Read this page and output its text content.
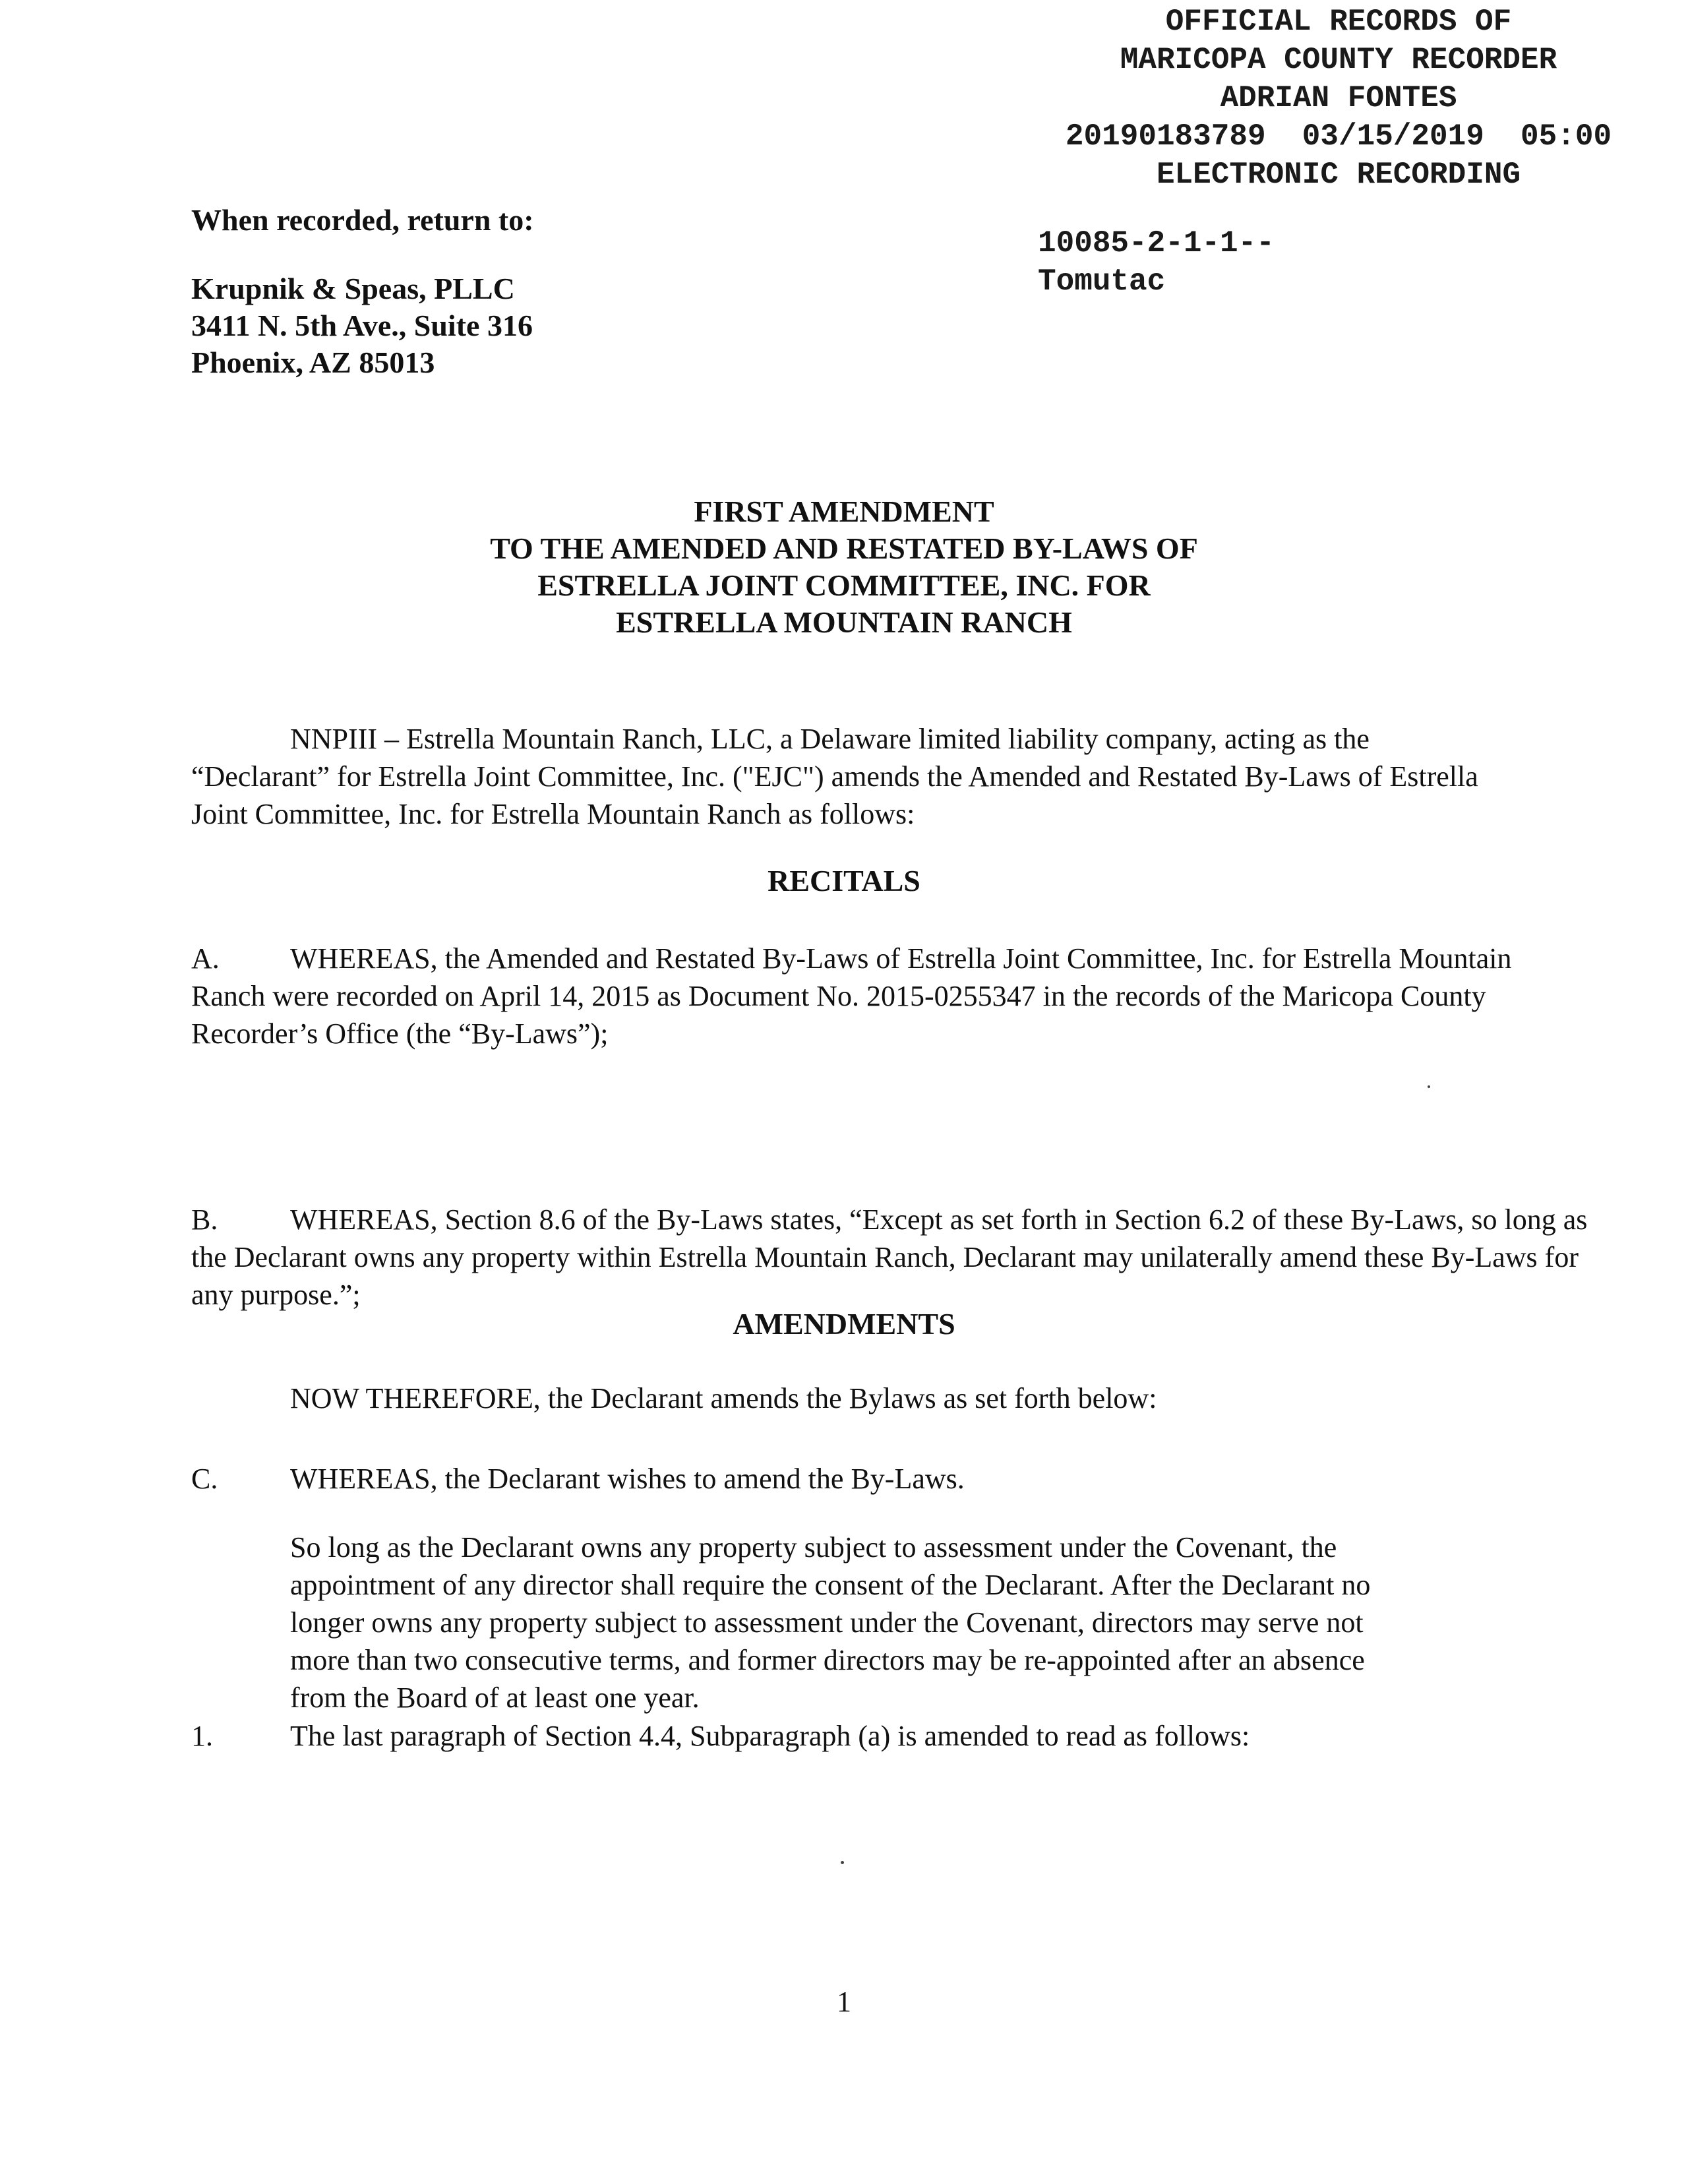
OFFICIAL RECORDS OF
MARICOPA COUNTY RECORDER
ADRIAN FONTES
20190183789  03/15/2019  05:00
ELECTRONIC RECORDING
10085-2-1-1--
Tomutac
When recorded, return to:
Krupnik & Speas, PLLC
3411 N. 5th Ave., Suite 316
Phoenix, AZ 85013
FIRST AMENDMENT
TO THE AMENDED AND RESTATED BY-LAWS OF
ESTRELLA JOINT COMMITTEE, INC. FOR
ESTRELLA MOUNTAIN RANCH
NNPIII – Estrella Mountain Ranch, LLC, a Delaware limited liability company, acting as the “Declarant” for Estrella Joint Committee, Inc. ("EJC") amends the Amended and Restated By-Laws of Estrella Joint Committee, Inc. for Estrella Mountain Ranch as follows:
RECITALS
A.	WHEREAS, the Amended and Restated By-Laws of Estrella Joint Committee, Inc. for Estrella Mountain Ranch were recorded on April 14, 2015 as Document No. 2015-0255347 in the records of the Maricopa County Recorder’s Office (the “By-Laws”);
B.	WHEREAS, Section 8.6 of the By-Laws states, “Except as set forth in Section 6.2 of these By-Laws, so long as the Declarant owns any property within Estrella Mountain Ranch, Declarant may unilaterally amend these By-Laws for any purpose.”;
C.	WHEREAS, the Declarant wishes to amend the By-Laws.
AMENDMENTS
NOW THEREFORE, the Declarant amends the Bylaws as set forth below:
1.	The last paragraph of Section 4.4, Subparagraph (a) is amended to read as follows:
So long as the Declarant owns any property subject to assessment under the Covenant, the appointment of any director shall require the consent of the Declarant. After the Declarant no longer owns any property subject to assessment under the Covenant, directors may serve not more than two consecutive terms, and former directors may be re-appointed after an absence from the Board of at least one year.
1
